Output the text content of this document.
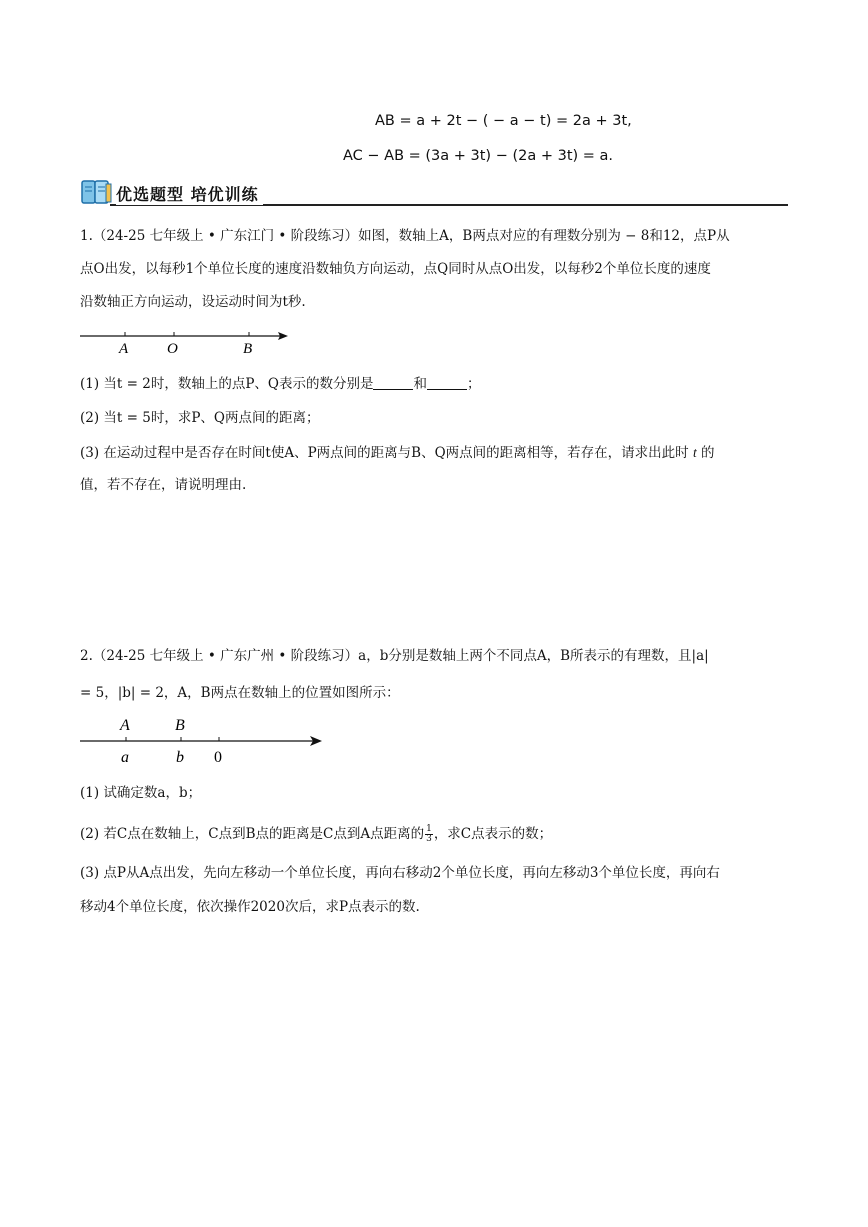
AB = a + 2t − ( − a − t) = 2a + 3t,
AC − AB = (3a + 3t) − (2a + 3t) = a.
优选题型 培优训练
1.（24-25 七年级上 • 广东江门 • 阶段练习）如图，数轴上A，B两点对应的有理数分别为 − 8和12，点P从
点O出发，以每秒1个单位长度的速度沿数轴负方向运动，点Q同时从点O出发，以每秒2个单位长度的速度
沿数轴正方向运动，设运动时间为t秒.
A	O	B
(1) 当t = 2时，数轴上的点P、Q表示的数分别是	和	；
(2) 当t = 5时，求P、Q两点间的距离；
(3) 在运动过程中是否存在时间t使A、P两点间的距离与B、Q两点间的距离相等，若存在，请求出此时 t 的
值，若不存在，请说明理由.
2.（24-25 七年级上 • 广东广州 • 阶段练习）a，b分别是数轴上两个不同点A，B所表示的有理数，且|a|
= 5，|b| = 2，A，B两点在数轴上的位置如图所示：
A	B
a	b 0
(1) 试确定数a，b；
(2) 若C点在数轴上，C点到B点的距离是C点到A点距离的 $\frac{1}{3}$ ，求C点表示的数；
(3) 点P从A点出发，先向左移动一个单位长度，再向右移动2个单位长度，再向左移动3个单位长度，再向右
移动4个单位长度，依次操作2020次后，求P点表示的数.
